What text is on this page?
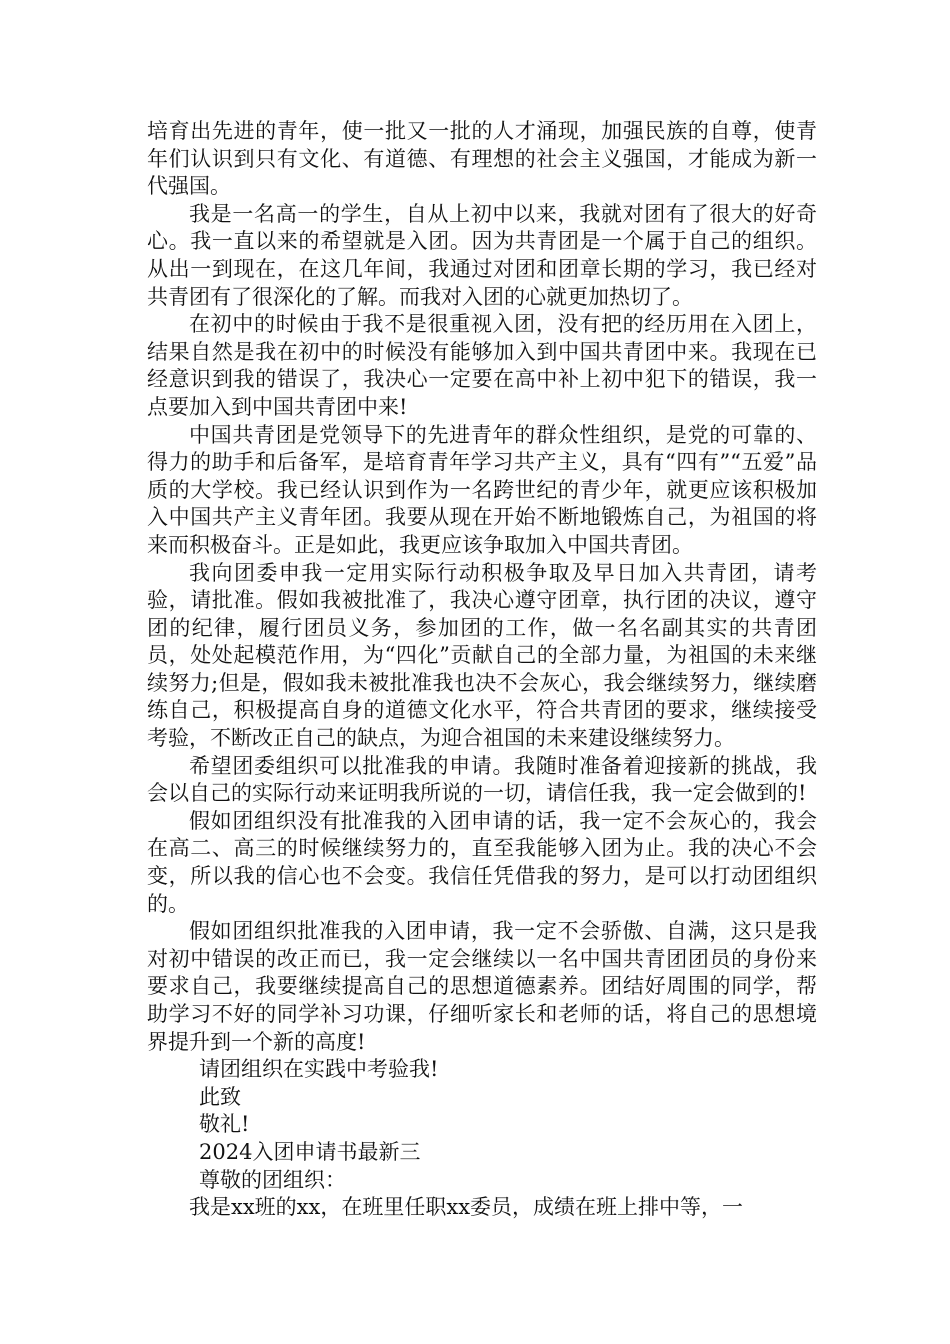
培育出先进的青年，使一批又一批的人才涌现，加强民族的自尊，使青年们认识到只有文化、有道德、有理想的社会主义强国，才能成为新一代强国。

我是一名高一的学生，自从上初中以来，我就对团有了很大的好奇心。我一直以来的希望就是入团。因为共青团是一个属于自己的组织。从出一到现在，在这几年间，我通过对团和团章长期的学习，我已经对共青团有了很深化的了解。而我对入团的心就更加热切了。

在初中的时候由于我不是很重视入团，没有把的经历用在入团上，结果自然是我在初中的时候没有能够加入到中国共青团中来。我现在已经意识到我的错误了，我决心一定要在高中补上初中犯下的错误，我一点要加入到中国共青团中来!

中国共青团是党领导下的先进青年的群众性组织，是党的可靠的、得力的助手和后备军，是培育青年学习共产主义，具有“四有”“五爱”品质的大学校。我已经认识到作为一名跨世纪的青少年，就更应该积极加入中国共产主义青年团。我要从现在开始不断地锻炼自己，为祖国的将来而积极奋斗。正是如此，我更应该争取加入中国共青团。

我向团委申我一定用实际行动积极争取及早日加入共青团，请考验，请批准。假如我被批准了，我决心遵守团章，执行团的决议，遵守团的纪律，履行团员义务，参加团的工作，做一名名副其实的共青团员，处处起模范作用，为“四化”贡献自己的全部力量，为祖国的未来继续努力;但是，假如我未被批准我也决不会灰心，我会继续努力，继续磨练自己，积极提高自身的道德文化水平，符合共青团的要求，继续接受考验，不断改正自己的缺点，为迎合祖国的未来建设继续努力。

希望团委组织可以批准我的申请。我随时准备着迎接新的挑战，我会以自己的实际行动来证明我所说的一切，请信任我，我一定会做到的!

假如团组织没有批准我的入团申请的话，我一定不会灰心的，我会在高二、高三的时候继续努力的，直至我能够入团为止。我的决心不会变，所以我的信心也不会变。我信任凭借我的努力，是可以打动团组织的。

假如团组织批准我的入团申请，我一定不会骄傲、自满，这只是我对初中错误的改正而已，我一定会继续以一名中国共青团团员的身份来要求自己，我要继续提高自己的思想道德素养。团结好周围的同学，帮助学习不好的同学补习功课，仔细听家长和老师的话，将自己的思想境界提升到一个新的高度!

请团组织在实践中考验我!

此致

敬礼!

2024入团申请书最新三

尊敬的团组织：

我是xx班的xx，在班里任职xx委员，成绩在班上排中等，一
